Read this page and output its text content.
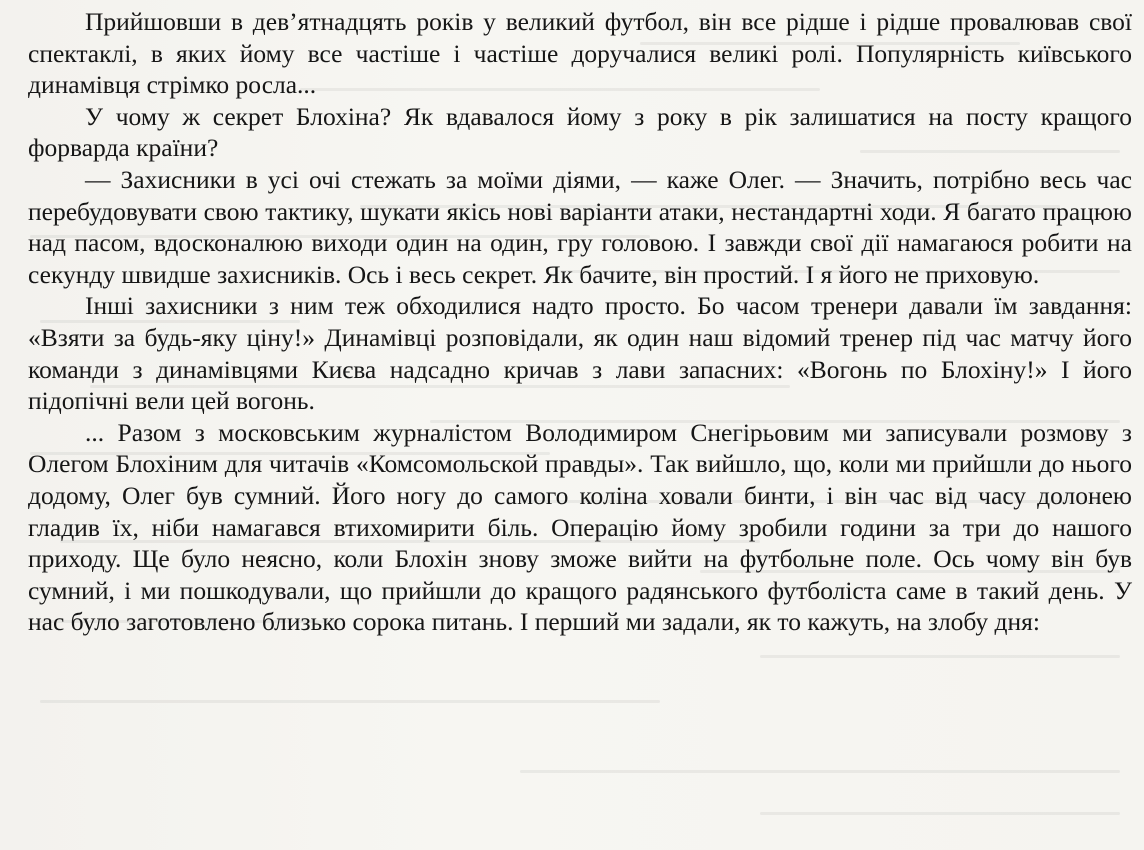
Прийшовши в дев’ятнадцять років у великий футбол, він все рідше і рідше провалював свої спектаклі, в яких йому все частіше і частіше доручалися великі ролі. Популярність київського динамівця стрімко росла...

У чому ж секрет Блохіна? Як вдавалося йому з року в рік залишатися на посту кращого форварда країни?

— Захисники в усі очі стежать за моїми діями, — каже Олег. — Значить, потрібно весь час перебудовувати свою тактику, шукати якісь нові варіанти атаки, нестандартні ходи. Я багато працюю над пасом, вдосконалюю виходи один на один, гру головою. І завжди свої дії намагаюся робити на секунду швидше захисників. Ось і весь секрет. Як бачите, він простий. І я його не приховую.

Інші захисники з ним теж обходилися надто просто. Бо часом тренери давали їм завдання: «Взяти за будь-яку ціну!» Динамівці розповідали, як один наш відомий тренер під час матчу його команди з динамівцями Києва надсадно кричав з лави запасних: «Вогонь по Блохіну!» І його підопічні вели цей вогонь.

... Разом з московським журналістом Володимиром Снегірьовим ми записували розмову з Олегом Блохіним для читачів «Комсомольской правды». Так вийшло, що, коли ми прийшли до нього додому, Олег був сумний. Його ногу до самого коліна ховали бинти, і він час від часу долонею гладив їх, ніби намагався втихомирити біль. Операцію йому зробили години за три до нашого приходу. Ще було неясно, коли Блохін знову зможе вийти на футбольне поле. Ось чому він був сумний, і ми пошкодували, що прийшли до кращого радянського футболіста саме в такий день. У нас було заготовлено близько сорока питань. І перший ми задали, як то кажуть, на злобу дня:
